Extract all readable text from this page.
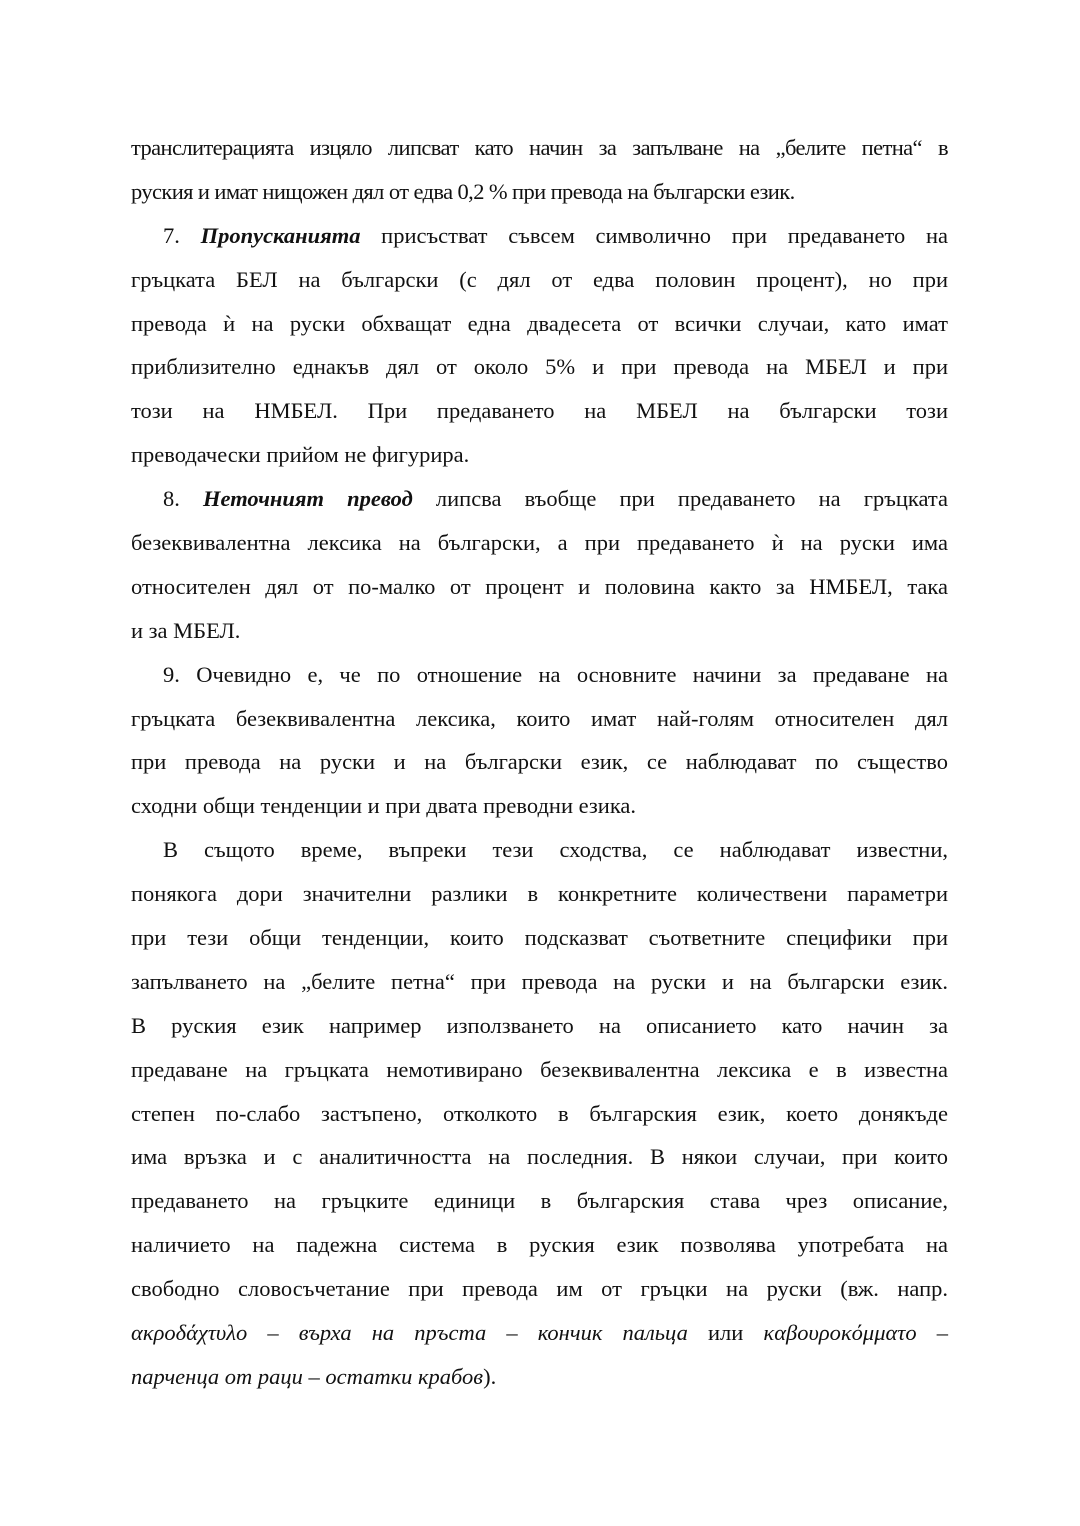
транслитерацията изцяло липсват като начин за запълване на „белите петна“ в
руския и имат нищожен дял от едва 0,2 % при превода на български език.
7. Пропусканията присъстват съвсем символично при предаването на
гръцката БЕЛ на български (с дял от едва половин процент), но при
превода ѝ на руски обхващат една двадесета от всички случаи, като имат
приблизително еднакъв дял от около 5% и при превода на МБЕЛ и при
този на НМБЕЛ. При предаването на МБЕЛ на български този
преводачески прийом не фигурира.
8. Неточният превод липсва въобще при предаването на гръцката
безеквивалентна лексика на български, а при предаването ѝ на руски има
относителен дял от по-малко от процент и половина както за НМБЕЛ, така
и за МБЕЛ.
9. Очевидно е, че по отношение на основните начини за предаване на
гръцката безеквивалентна лексика, които имат най-голям относителен дял
при превода на руски и на български език, се наблюдават по същество
сходни общи тенденции и при двата преводни езика.
В същото време, въпреки тези сходства, се наблюдават известни,
понякога дори значителни разлики в конкретните количествени параметри
при тези общи тенденции, които подсказват съответните специфики при
запълването на „белите петна“ при превода на руски и на български език.
В руския език например използването на описанието като начин за
предаване на гръцката немотивирано безеквивалентна лексика е в известна
степен по-слабо застъпено, отколкото в българския език, което донякъде
има връзка и с аналитичността на последния. В някои случаи, при които
предаването на гръцките единици в българския става чрез описание,
наличието на падежна система в руския език позволява употребата на
свободно словосъчетание при превода им от гръцки на руски (вж. напр.
ακροδάχτυλο – върха на пръста – кончик пальца или καβουροκόμματο –
парченца от раци – остатки крабов).
